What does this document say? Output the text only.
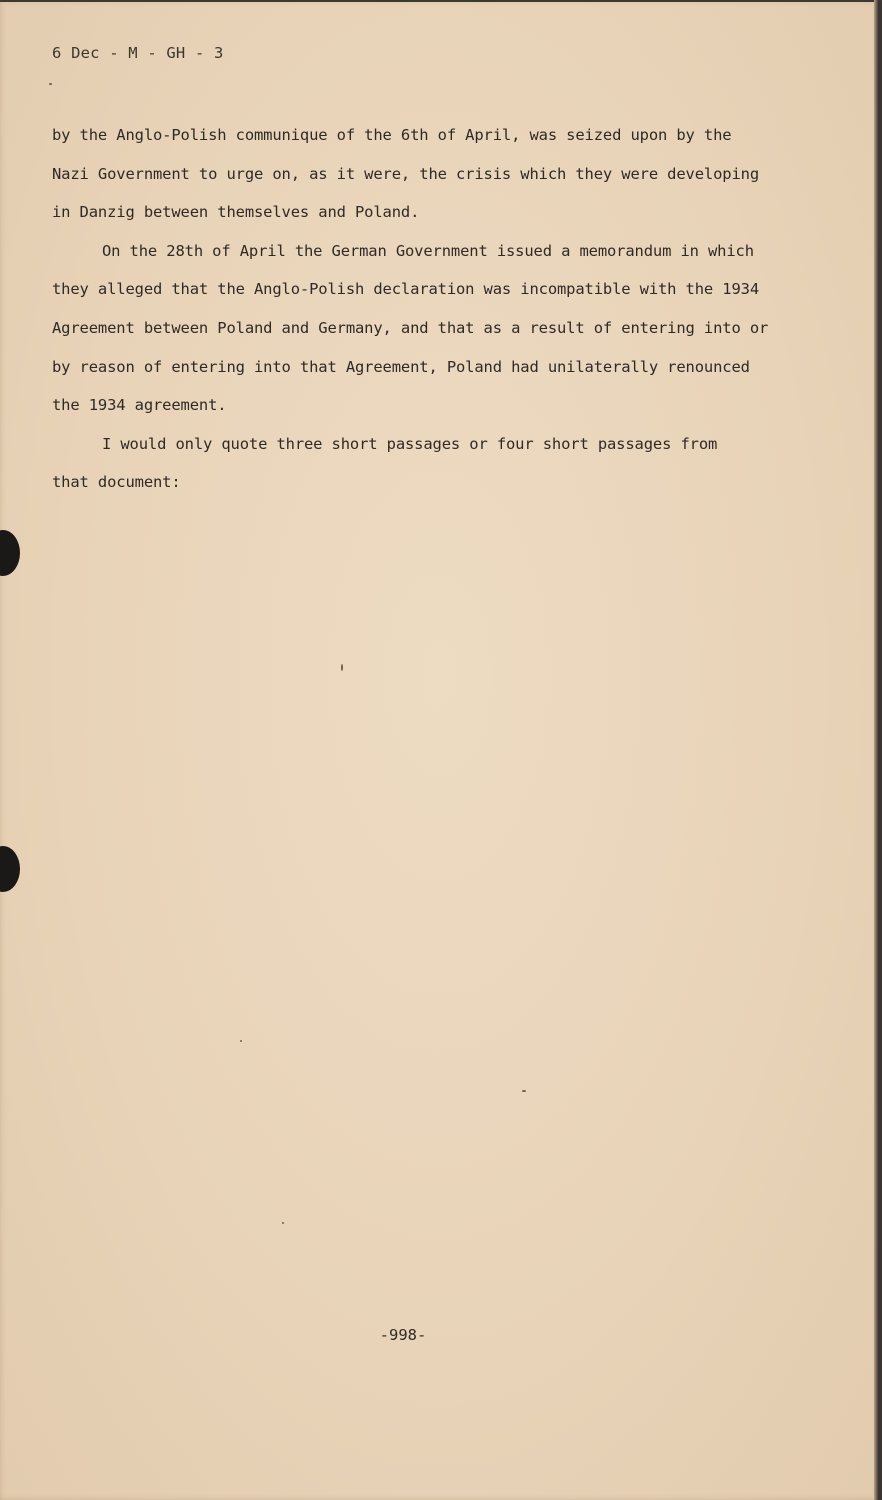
6 Dec - M - GH - 3
by the Anglo-Polish communique of the 6th of April, was seized upon by the
Nazi Government to urge on, as it were, the crisis which they were developing
in Danzig between themselves and Poland.
On the 28th of April the German Government issued a memorandum in which
they alleged that the Anglo-Polish declaration was incompatible with the 1934
Agreement between Poland and Germany, and that as a result of entering into or
by reason of entering into that Agreement, Poland had unilaterally renounced
the 1934 agreement.
I would only quote three short passages or four short passages from
that document:
-998-
